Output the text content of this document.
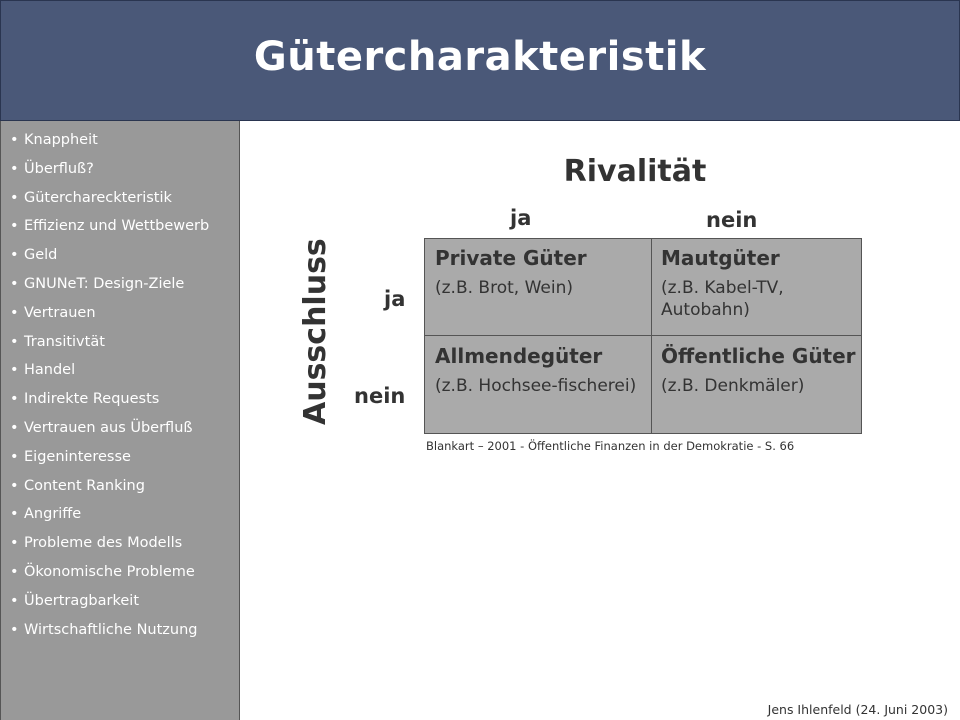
Gütercharakteristik
• Knappheit
• Überfluß?
• Güterchareckteristik
• Effizienz und Wettbewerb
• Geld
• GNUNeT: Design-Ziele
• Vertrauen
• Transitivtät
• Handel
• Indirekte Requests
• Vertrauen aus Überfluß
• Eigeninteresse
• Content Ranking
• Angriffe
• Probleme des Modells
• Ökonomische Probleme
• Übertragbarkeit
• Wirtschaftliche Nutzung
Rivalität
ja	nein
Ausschluss ja
nein
Private Güter
(z.B. Brot, Wein)
Mautgüter
(z.B. Kabel-TV, Autobahn)
Allmendegüter
(z.B. Hochsee-fischerei)
Öffentliche Güter
(z.B. Denkmäler)
Blankart – 2001 - Öffentliche Finanzen in der Demokratie - S. 66
Jens Ihlenfeld (24. Juni 2003)
